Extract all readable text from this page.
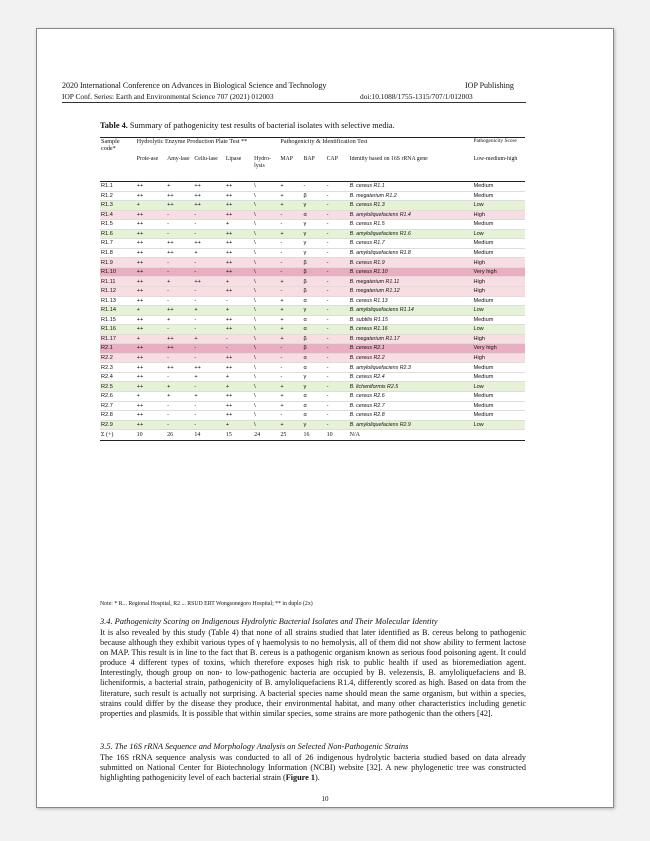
2020 International Conference on Advances in Biological Science and Technology	IOP Publishing
IOP Conf. Series: Earth and Environmental Science 707 (2021) 012003	doi:10.1088/1755-1315/707/1/012003
Table 4. Summary of pathogenicity test results of bacterial isolates with selective media.
Sample code*	Hydrolytic Enzyme Production Plate Test **					Pathogenicity & Identification Test				Pathogenicity Score
	Prote-ase	Amy-lase	Cellu-lase	Lipase	Hydro-lysis	MAP	BAP	CAP	Identity based on 16S rRNA gene	Low-medium-high
R1.1	++	+	++	++	\	+	-	-	B. cereus R1.1	Medium
R1.2	++	++	++	++	\	+	β	-	B. megaterium R1.2	Medium
R1.3	+	++	++	++	\	+	γ	-	B. cereus R1.3	Low
R1.4	++	-	-	++	\	-	α	-	B. amyloliquefaciens R1.4	High
R1.5	++	-	-	+	\	-	γ	-	B. cereus R1.5	Medium
R1.6	++	-	-	++	\	+	γ	-	B. amyloliquefaciens R1.6	Low
R1.7	++	++	++	++	\	-	γ	-	B. cereus R1.7	Medium
R1.8	++	++	+	++	\	-	γ	-	B. amyloliquefaciens R1.8	Medium
R1.9	++	-	-	++	\	-	β	-	B. cereus R1.9	High
R1.10	++	-	-	++	\	-	β	-	B. cereus R1.10	Very high
R1.11	++	+	++	+	\	+	β	-	B. megaterium R1.11	High
R1.12	++	-	-	++	\	-	β	-	B. megaterium R1.12	High
R1.13	++	-	-	-	\	+	α	-	B. cereus R1.13	Medium
R1.14	+	++	+	+	\	+	γ	-	B. amyloliquefaciens R1.14	Low
R1.15	++	+	-	++	\	+	α	-	B. subtilis R1.15	Medium
R1.16	++	-	-	++	\	+	α	-	B. cereus R1.16	Low
R1.17	+	++	+	-	\	+	β	-	B. megaterium R1.17	High
R2.1	++	++	-	-	\	-	β	-	B. cereus R2.1	Very high
R2.2	++	-	-	++	\	-	α	-	B. cereus R2.2	High
R2.3	++	++	++	++	\	-	α	-	B. amyloliquefaciens R2.3	Medium
R2.4	++	-	+	+	\	-	γ	-	B. cereus R2.4	Medium
R2.5	++	+	-	+	\	+	γ	-	B. licheniformis R2.5	Low
R2.6	+	+	+	++	\	+	α	-	B. cereus R2.6	Medium
R2.7	++	-	-	++	\	+	α	-	B. cereus R2.7	Medium
R2.8	++	-	-	++	\	-	α	-	B. cereus R2.8	Medium
R2.9	++	-	-	+	\	+	γ	-	B. amyloliquefaciens R2.9	Low
Σ (+)	10	26	14	15	24	25	16	10	N/A	
Note: * R... Regional Hospital, R2 ... RSUD ERT Wongsonegoro Hospital; ** in duplo (2x)
3.4. Pathogenicity Scoring on Indigenous Hydrolytic Bacterial Isolates and Their Molecular Identity
It is also revealed by this study (Table 4) that none of all strains studied that later identified as B. cereus belong to pathogenic because although they exhibit various types of γ haemolysis to no hemolysis, all of them did not show ability to ferment lactose on MAP. This result is in line to the fact that B. cereus is a pathogenic organism known as serious food poisoning agent. It could produce 4 different types of toxins, which therefore exposes high risk to public health if used as bioremediation agent. Interestingly, though group on non- to low-pathogenic bacteria are occupied by B. velezensis, B. amyloliquefaciens and B. licheniformis, a bacterial strain, pathogenicity of B. amyloliquefaciens R1.4, differently scored as high. Based on data from the literature, such result is actually not surprising. A bacterial species name should mean the same organism, but within a species, strains could differ by the disease they produce, their environmental habitat, and many other characteristics including genetic properties and plasmids. It is possible that within similar species, some strains are more pathogenic than the others [42].
3.5. The 16S rRNA Sequence and Morphology Analysis on Selected Non-Pathogenic Strains
The 16S rRNA sequence analysis was conducted to all of 26 indigenous hydrolytic bacteria studied based on data already submitted on National Center for Biotechnology Information (NCBI) website [32]. A new phylogenetic tree was constructed highlighting pathogenicity level of each bacterial strain (Figure 1).
10
